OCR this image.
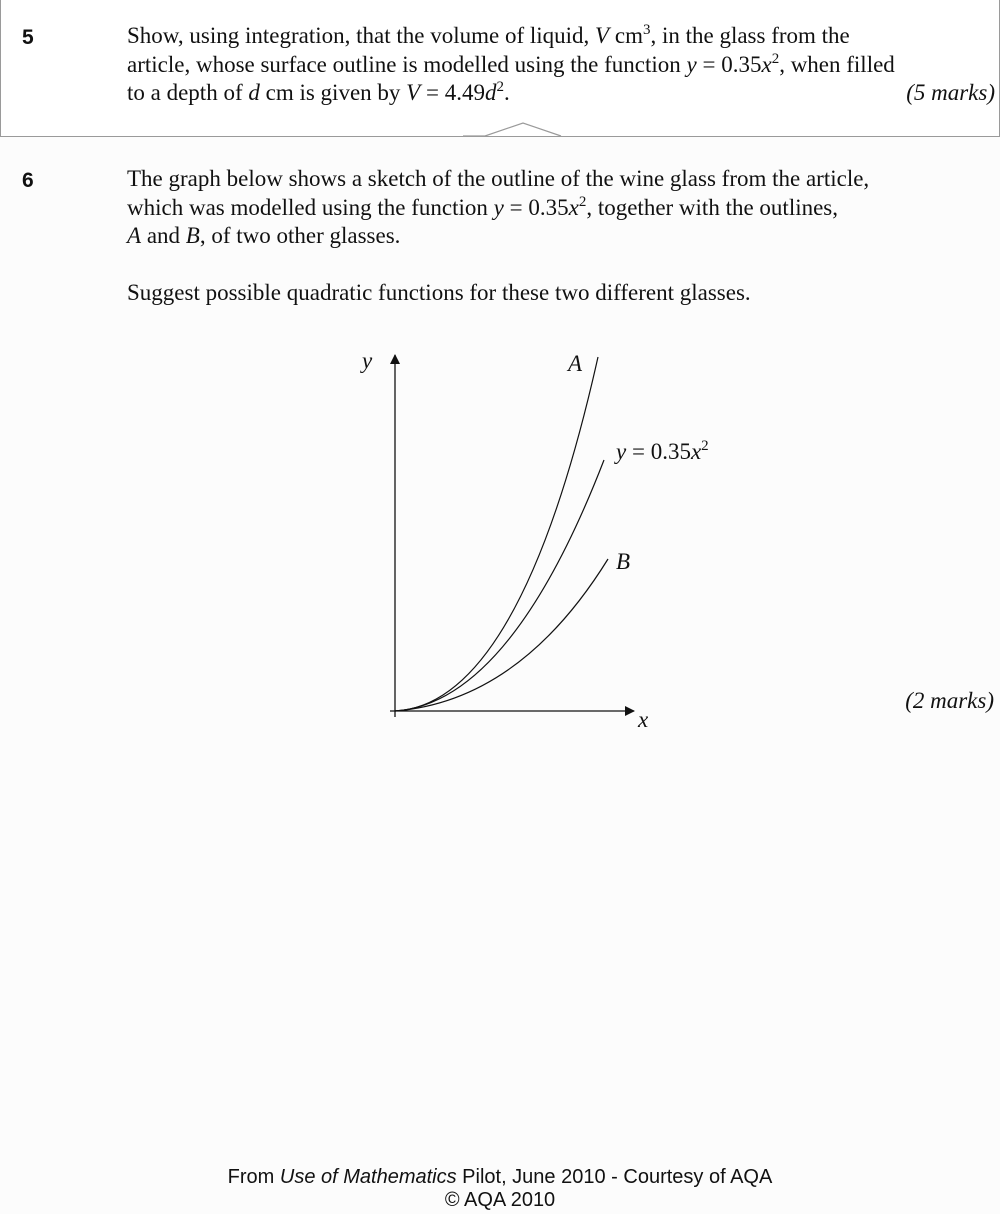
5	Show, using integration, that the volume of liquid, V $cm^3$, in the glass from the
article, whose surface outline is modelled using the function $y = 0.35x^2$, when filled
to a depth of d cm is given by $V = 4.49d^2$.	(5 marks)
6	The graph below shows a sketch of the outline of the wine glass from the article,
which was modelled using the function $y = 0.35x^2$, together with the outlines,
A and B, of two other glasses.
Suggest possible quadratic functions for these two different glasses.
y
x
A
$y = 0.35x^2$
B
(2 marks)
From Use of Mathematics Pilot, June 2010 - Courtesy of AQA
© AQA 2010
